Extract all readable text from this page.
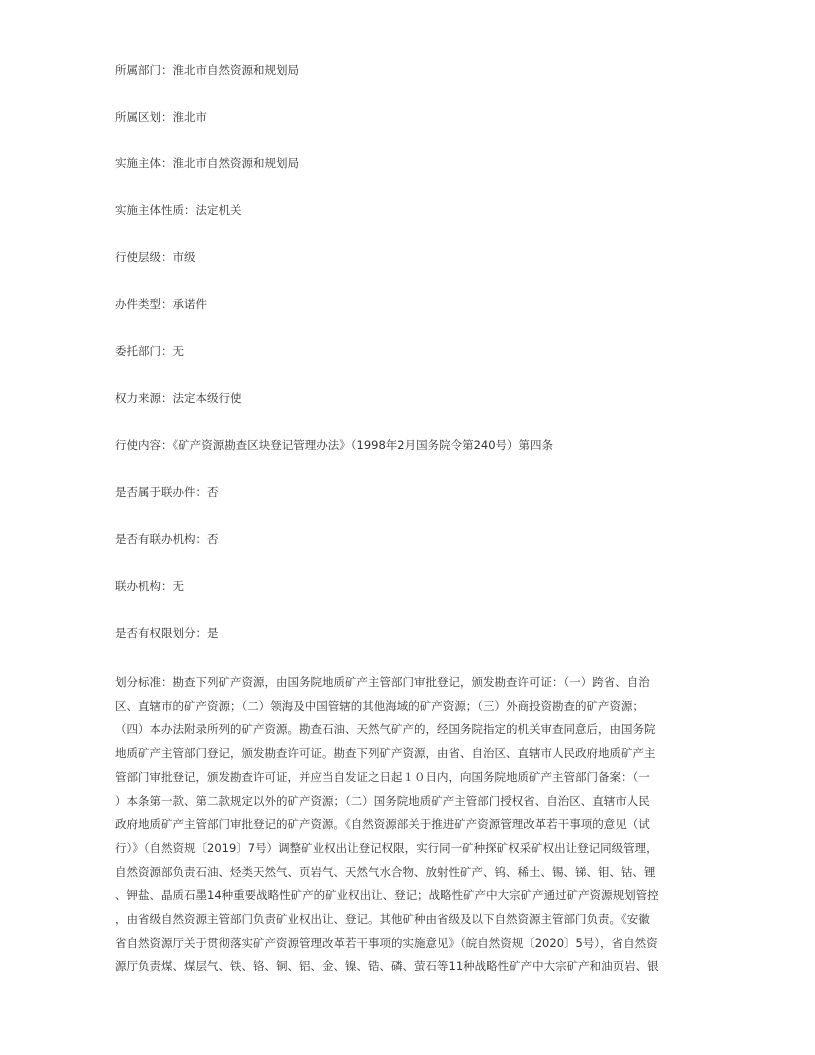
所属部门：淮北市自然资源和规划局
所属区划：淮北市
实施主体：淮北市自然资源和规划局
实施主体性质：法定机关
行使层级：市级
办件类型：承诺件
委托部门：无
权力来源：法定本级行使
行使内容：《矿产资源勘查区块登记管理办法》（1998年2月国务院令第240号）第四条
是否属于联办件：否
是否有联办机构：否
联办机构：无
是否有权限划分：是
划分标准：勘查下列矿产资源，由国务院地质矿产主管部门审批登记，颁发勘查许可证：（一）跨省、自治
区、直辖市的矿产资源；（二）领海及中国管辖的其他海域的矿产资源；（三）外商投资勘查的矿产资源；
（四）本办法附录所列的矿产资源。勘查石油、天然气矿产的，经国务院指定的机关审查同意后，由国务院
地质矿产主管部门登记，颁发勘查许可证。勘查下列矿产资源，由省、自治区、直辖市人民政府地质矿产主
管部门审批登记，颁发勘查许可证，并应当自发证之日起１０日内，向国务院地质矿产主管部门备案：（一
）本条第一款、第二款规定以外的矿产资源；（二）国务院地质矿产主管部门授权省、自治区、直辖市人民
政府地质矿产主管部门审批登记的矿产资源。《自然资源部关于推进矿产资源管理改革若干事项的意见（试
行）》（自然资规〔2019〕7号）调整矿业权出让登记权限，实行同一矿种探矿权采矿权出让登记同级管理，
自然资源部负责石油、烃类天然气、页岩气、天然气水合物、放射性矿产、钨、稀土、锡、锑、钼、钴、锂
、钾盐、晶质石墨14种重要战略性矿产的矿业权出让、登记；战略性矿产中大宗矿产通过矿产资源规划管控
，由省级自然资源主管部门负责矿业权出让、登记。其他矿种由省级及以下自然资源主管部门负责。《安徽
省自然资源厅关于贯彻落实矿产资源管理改革若干事项的实施意见》（皖自然资规〔2020〕5号），省自然资
源厅负责煤、煤层气、铁、铬、铜、铝、金、镍、锆、磷、萤石等11种战略性矿产中大宗矿产和油页岩、银
